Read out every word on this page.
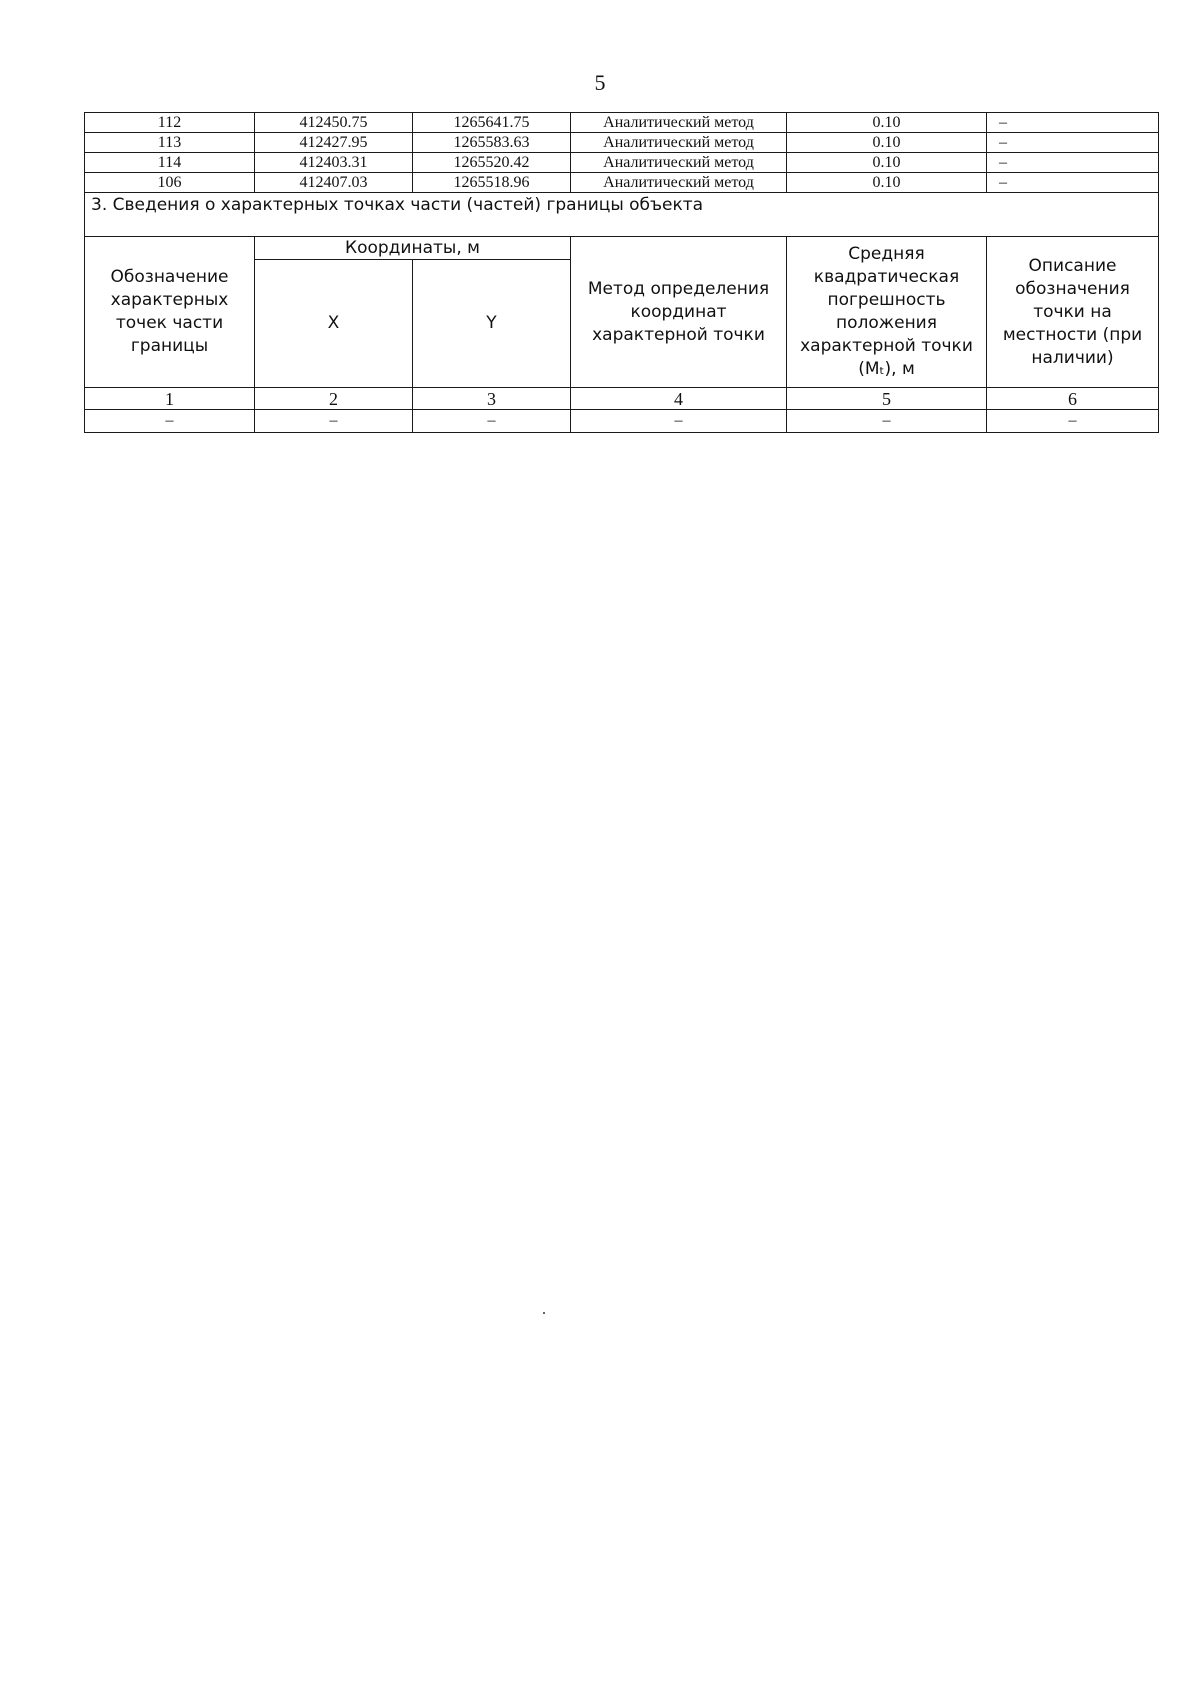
5
112	412450.75	1265641.75	Аналитический метод	0.10	–
113	412427.95	1265583.63	Аналитический метод	0.10	–
114	412403.31	1265520.42	Аналитический метод	0.10	–
106	412407.03	1265518.96	Аналитический метод	0.10	–
3. Сведения о характерных точках части (частей) границы объекта					
Обозначение характерных точек части границы	Координаты, м		Метод определения координат характерной точки	Средняя квадратическая погрешность положения характерной точки (Mₜ), м	Описание обозначения точки на местности (при наличии)
	X	Y			
1	2	3	4	5	6
–	–	–	–	–	–
